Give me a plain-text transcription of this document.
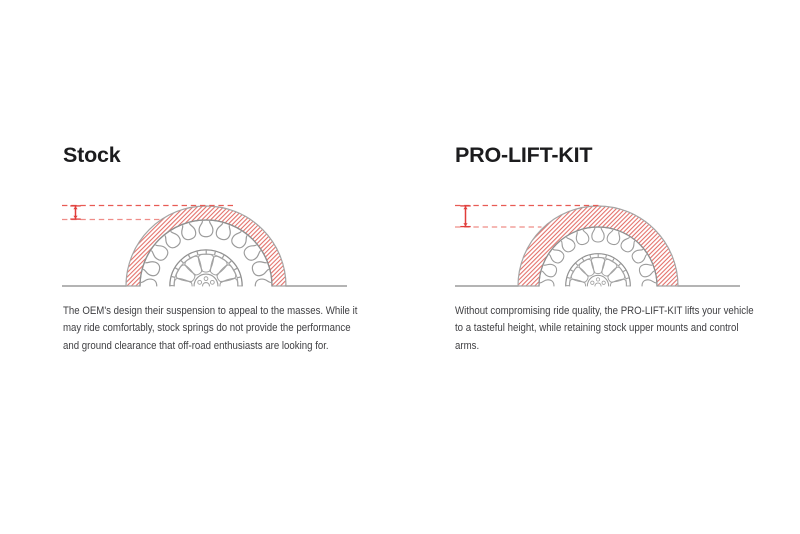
Stock	PRO-LIFT-KIT
The OEM's design their suspension to appeal to the masses. While it
may ride comfortably, stock springs do not provide the performance
and ground clearance that off-road enthusiasts are looking for.
Without compromising ride quality, the PRO-LIFT-KIT lifts your vehicle
to a tasteful height, while retaining stock upper mounts and control
arms.
